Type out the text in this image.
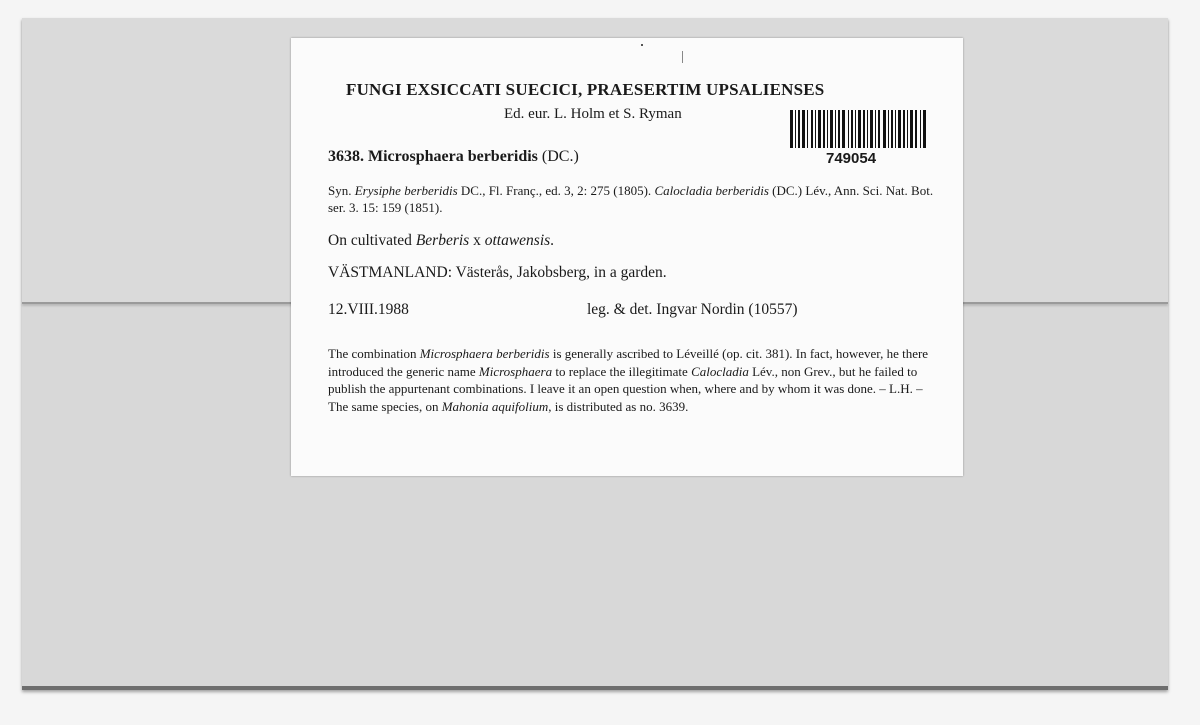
FUNGI EXSICCATI SUECICI, PRAESERTIM UPSALIENSES
Ed. eur. L. Holm et S. Ryman
749054
3638. Microsphaera berberidis (DC.)
Syn. Erysiphe berberidis DC., Fl. Franç., ed. 3, 2: 275 (1805). Calocladia berberidis (DC.) Lév., Ann. Sci. Nat. Bot. ser. 3. 15: 159 (1851).
On cultivated Berberis x ottawensis.
VÄSTMANLAND: Västerås, Jakobsberg, in a garden.
12.VIII.1988	leg. & det. Ingvar Nordin (10557)
The combination Microsphaera berberidis is generally ascribed to Léveillé (op. cit. 381). In fact, however, he there introduced the generic name Microsphaera to replace the illegitimate Calocladia Lév., non Grev., but he failed to publish the appurtenant combinations. I leave it an open question when, where and by whom it was done. – L.H. – The same species, on Mahonia aquifolium, is distributed as no. 3639.
